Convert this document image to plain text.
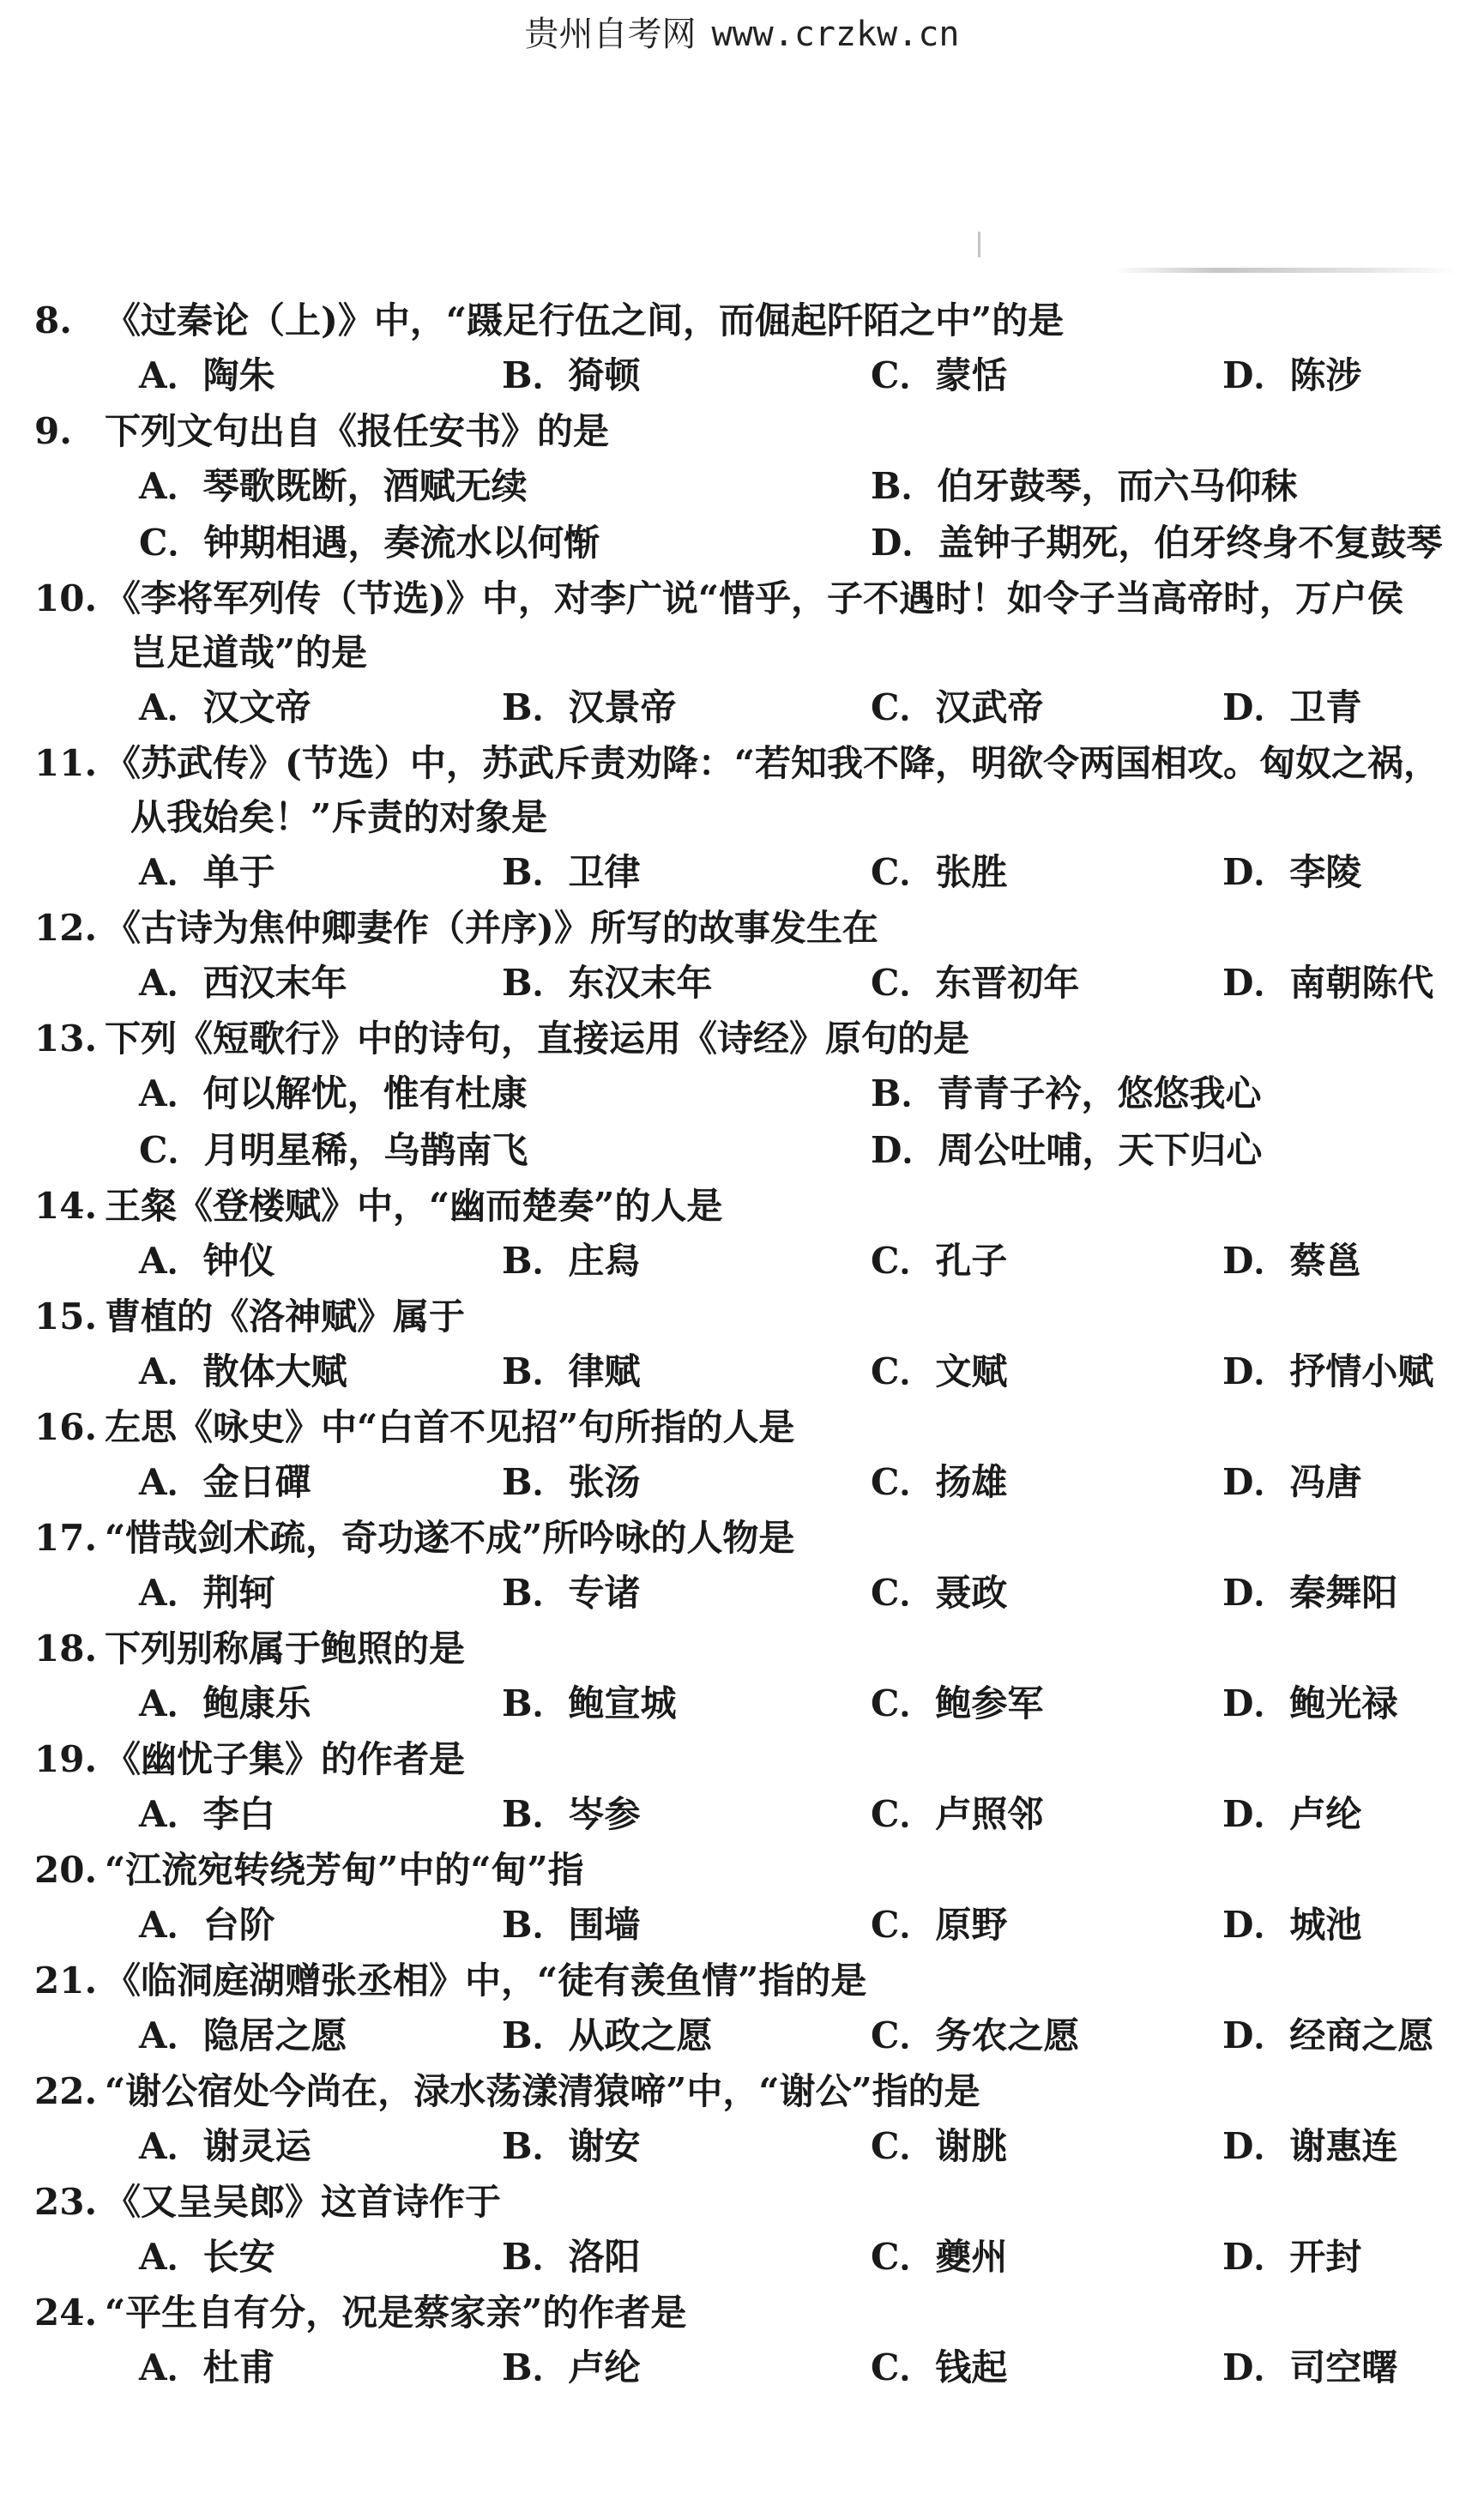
贵州自考网 www.crzkw.cn
8. 《过秦论（上)》中，“蹑足行伍之间，而倔起阡陌之中”的是
A．陶朱	B．猗顿	C．蒙恬	D．陈涉
9. 下列文句出自《报任安书》的是
A．琴歌既断，酒赋无续	B．伯牙鼓琴，而六马仰秣
C．钟期相遇，奏流水以何惭	D．盖钟子期死，伯牙终身不复鼓琴
10. 《李将军列传（节选)》中，对李广说“惜乎，子不遇时！如令子当高帝时，万户侯
岂足道哉”的是
A．汉文帝	B．汉景帝	C．汉武帝	D．卫青
11. 《苏武传》(节选）中，苏武斥责劝降：“若知我不降，明欲令两国相攻。匈奴之祸，
从我始矣！”斥责的对象是
A．单于	B．卫律	C．张胜	D．李陵
12. 《古诗为焦仲卿妻作（并序)》所写的故事发生在
A．西汉末年	B．东汉末年	C．东晋初年	D．南朝陈代
13. 下列《短歌行》中的诗句，直接运用《诗经》原句的是
A．何以解忧，惟有杜康	B．青青子衿，悠悠我心
C．月明星稀，乌鹊南飞	D．周公吐哺，天下归心
14. 王粲《登楼赋》中，“幽而楚奏”的人是
A．钟仪	B．庄舄	C．孔子	D．蔡邕
15. 曹植的《洛神赋》属于
A．散体大赋	B．律赋	C．文赋	D．抒情小赋
16. 左思《咏史》中“白首不见招”句所指的人是
A．金日磾	B．张汤	C．扬雄	D．冯唐
17. “惜哉剑术疏，奇功遂不成”所吟咏的人物是
A．荆轲	B．专诸	C．聂政	D．秦舞阳
18. 下列别称属于鲍照的是
A．鲍康乐	B．鲍宣城	C．鲍参军	D．鲍光禄
19. 《幽忧子集》的作者是
A．李白	B．岑参	C．卢照邻	D．卢纶
20. “江流宛转绕芳甸”中的“甸”指
A．台阶	B．围墙	C．原野	D．城池
21. 《临洞庭湖赠张丞相》中，“徒有羡鱼情”指的是
A．隐居之愿	B．从政之愿	C．务农之愿	D．经商之愿
22. “谢公宿处今尚在，渌水荡漾清猿啼”中，“谢公”指的是
A．谢灵运	B．谢安	C．谢朓	D．谢惠连
23. 《又呈吴郎》这首诗作于
A．长安	B．洛阳	C．夔州	D．开封
24. “平生自有分，况是蔡家亲”的作者是
A．杜甫	B．卢纶	C．钱起	D．司空曙
